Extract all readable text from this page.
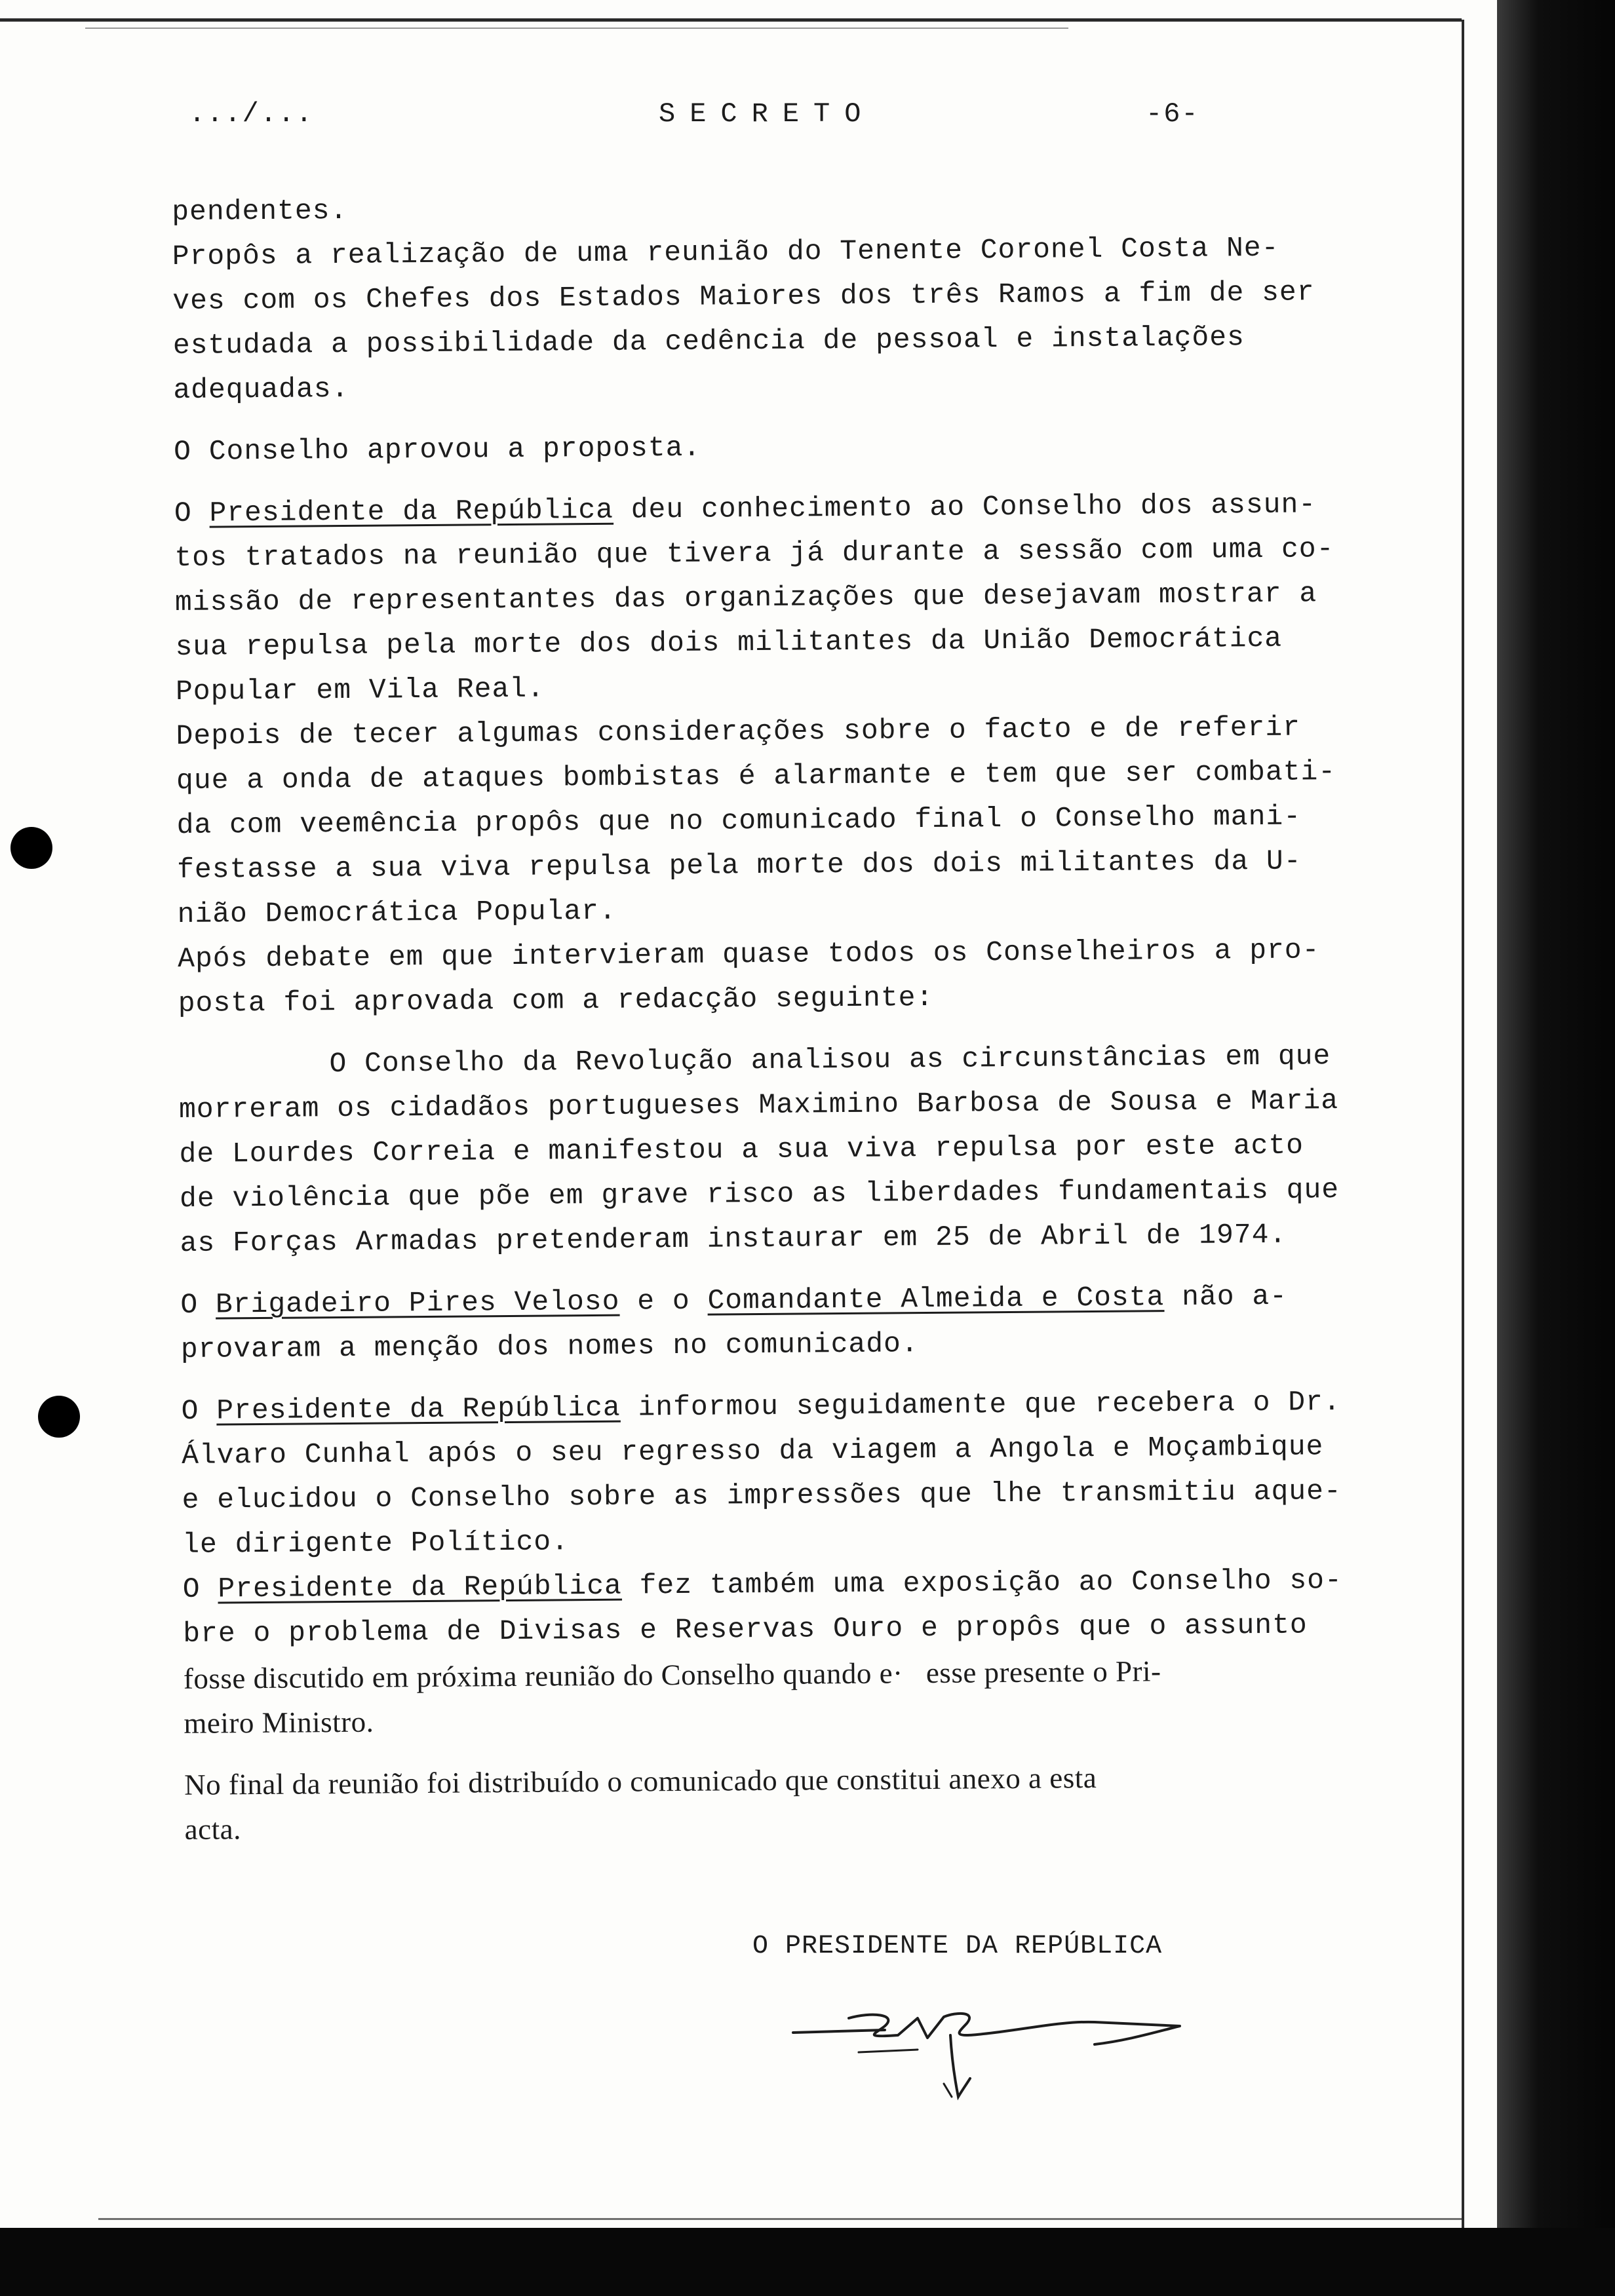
.../...	SECRETO	-6-
pendentes.
Propôs a realização de uma reunião do Tenente Coronel Costa Ne-
ves com os Chefes dos Estados Maiores dos três Ramos a fim de ser
estudada a possibilidade da cedência de pessoal e instalações
adequadas.
O Conselho aprovou a proposta.
O Presidente da República deu conhecimento ao Conselho dos assun-
tos tratados na reunião que tivera já durante a sessão com uma co-
missão de representantes das organizações que desejavam mostrar a
sua repulsa pela morte dos dois militantes da União Democrática
Popular em Vila Real.
Depois de tecer algumas considerações sobre o facto e de referir
que a onda de ataques bombistas é alarmante e tem que ser combati-
da com veemência propôs que no comunicado final o Conselho mani-
festasse a sua viva repulsa pela morte dos dois militantes da U-
nião Democrática Popular.
Após debate em que intervieram quase todos os Conselheiros a pro-
posta foi aprovada com a redacção seguinte:
O Conselho da Revolução analisou as circunstâncias em que
morreram os cidadãos portugueses Maximino Barbosa de Sousa e Maria
de Lourdes Correia e manifestou a sua viva repulsa por este acto
de violência que põe em grave risco as liberdades fundamentais que
as Forças Armadas pretenderam instaurar em 25 de Abril de 1974.
O Brigadeiro Pires Veloso e o Comandante Almeida e Costa não a-
provaram a menção dos nomes no comunicado.
O Presidente da República informou seguidamente que recebera o Dr.
Álvaro Cunhal após o seu regresso da viagem a Angola e Moçambique
e elucidou o Conselho sobre as impressões que lhe transmitiu aque-
le dirigente Político.
O Presidente da República fez também uma exposição ao Conselho so-
bre o problema de Divisas e Reservas Ouro e propôs que o assunto
fosse discutido em próxima reunião do Conselho quando e·   esse presente o Pri-
meiro Ministro.
No final da reunião foi distribuído o comunicado que constitui anexo a esta
acta.
O PRESIDENTE DA REPÚBLICA
